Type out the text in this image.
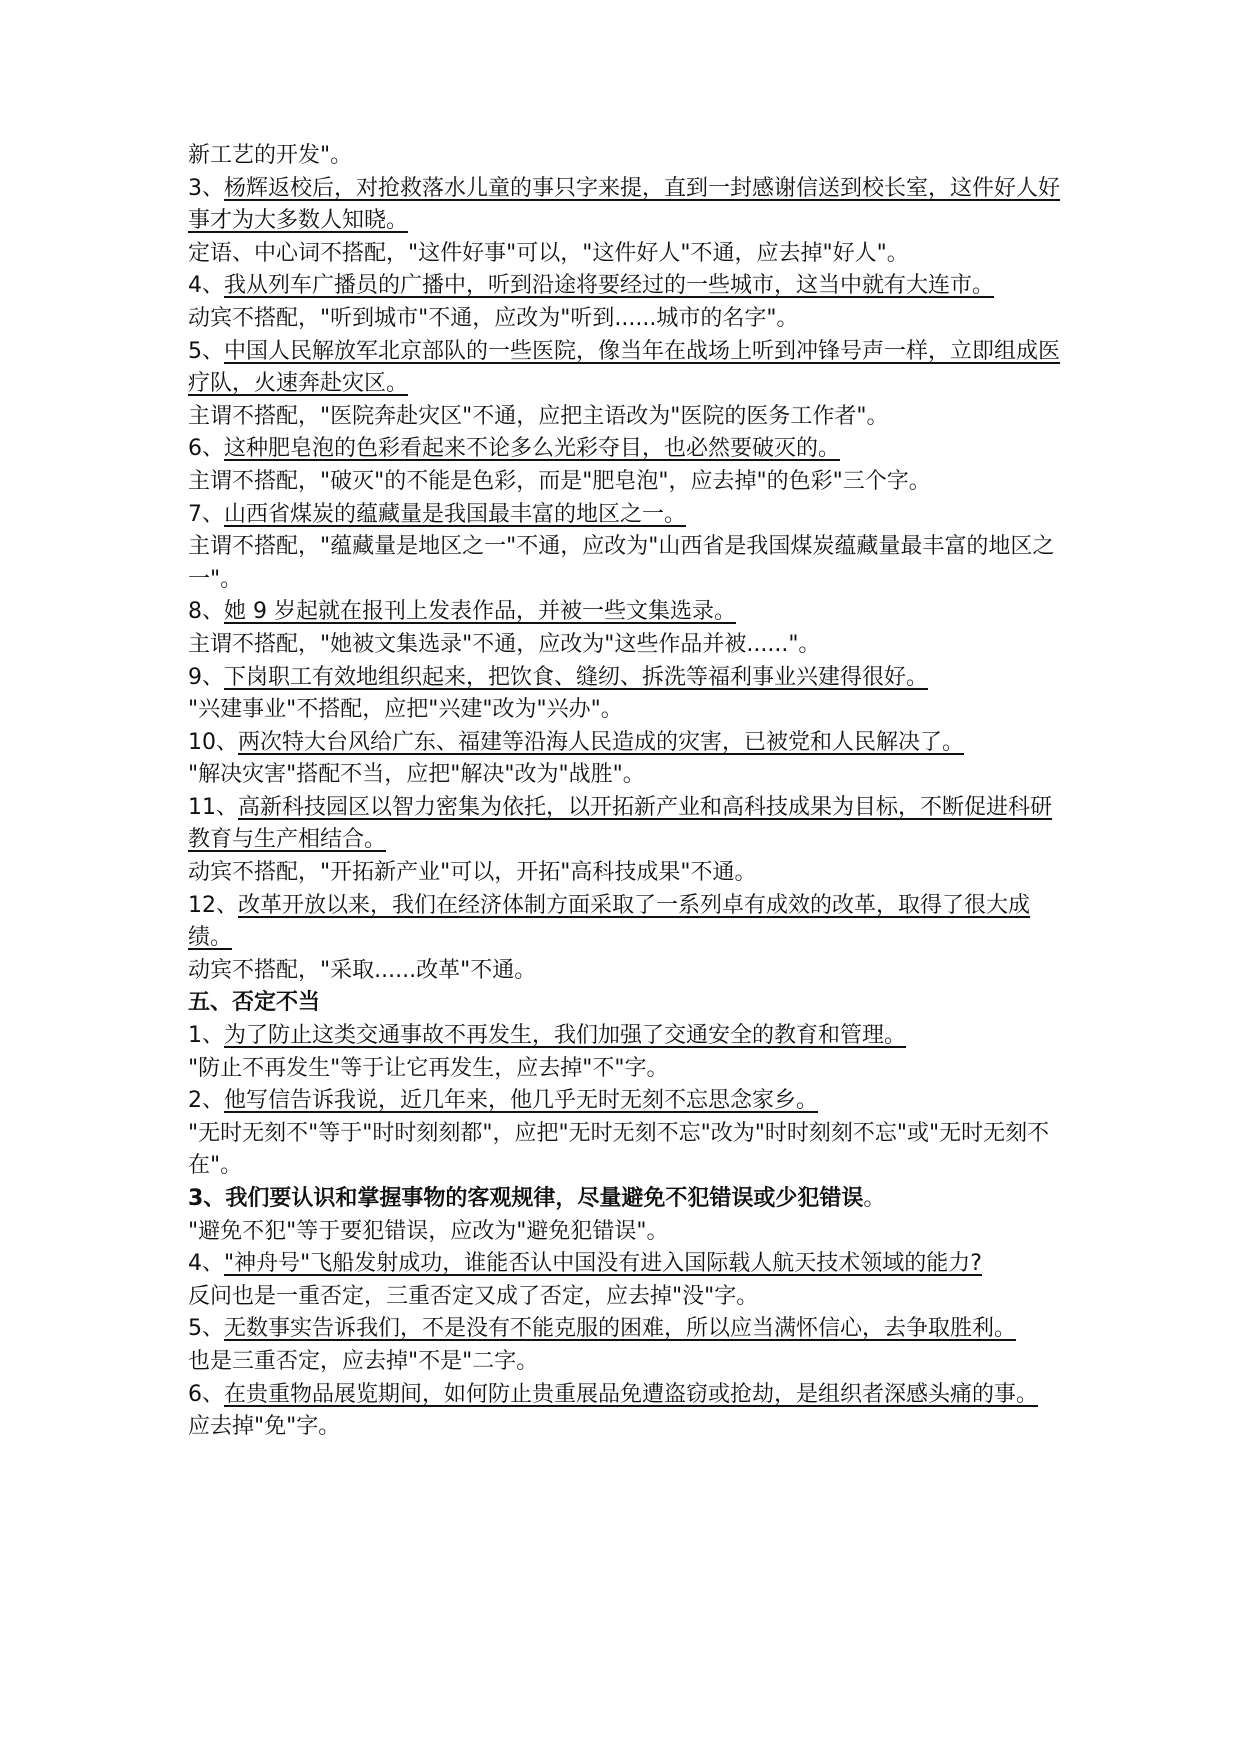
新工艺的开发"。

3、杨辉返校后，对抢救落水儿童的事只字来提，直到一封感谢信送到校长室，这件好人好事才为大多数人知晓。

定语、中心词不搭配，"这件好事"可以，"这件好人"不通，应去掉"好人"。

4、我从列车广播员的广播中，听到沿途将要经过的一些城市，这当中就有大连市。

动宾不搭配，"听到城市"不通，应改为"听到......城市的名字"。

5、中国人民解放军北京部队的一些医院，像当年在战场上听到冲锋号声一样，立即组成医疗队，火速奔赴灾区。

主谓不搭配，"医院奔赴灾区"不通，应把主语改为"医院的医务工作者"。

6、这种肥皂泡的色彩看起来不论多么光彩夺目，也必然要破灭的。

主谓不搭配，"破灭"的不能是色彩，而是"肥皂泡"，应去掉"的色彩"三个字。

7、山西省煤炭的蕴藏量是我国最丰富的地区之一。

主谓不搭配，"蕴藏量是地区之一"不通，应改为"山西省是我国煤炭蕴藏量最丰富的地区之一"。

8、她 9 岁起就在报刊上发表作品，并被一些文集选录。

主谓不搭配，"她被文集选录"不通，应改为"这些作品并被......"。

9、下岗职工有效地组织起来，把饮食、缝纫、拆洗等福利事业兴建得很好。

"兴建事业"不搭配，应把"兴建"改为"兴办"。

10、两次特大台风给广东、福建等沿海人民造成的灾害，已被党和人民解决了。

"解决灾害"搭配不当，应把"解决"改为"战胜"。

11、高新科技园区以智力密集为依托，以开拓新产业和高科技成果为目标，不断促进科研教育与生产相结合。

动宾不搭配，"开拓新产业"可以，开拓"高科技成果"不通。

12、改革开放以来，我们在经济体制方面采取了一系列卓有成效的改革，取得了很大成绩。

动宾不搭配，"采取......改革"不通。

五、否定不当

1、为了防止这类交通事故不再发生，我们加强了交通安全的教育和管理。

"防止不再发生"等于让它再发生，应去掉"不"字。

2、他写信告诉我说，近几年来，他几乎无时无刻不忘思念家乡。

"无时无刻不"等于"时时刻刻都"，应把"无时无刻不忘"改为"时时刻刻不忘"或"无时无刻不在"。

3、我们要认识和掌握事物的客观规律，尽量避免不犯错误或少犯错误。

"避免不犯"等于要犯错误，应改为"避免犯错误"。

4、"神舟号"飞船发射成功，谁能否认中国没有进入国际载人航天技术领域的能力?

反问也是一重否定，三重否定又成了否定，应去掉"没"字。

5、无数事实告诉我们，不是没有不能克服的困难，所以应当满怀信心，去争取胜利。

也是三重否定，应去掉"不是"二字。

6、在贵重物品展览期间，如何防止贵重展品免遭盗窃或抢劫，是组织者深感头痛的事。

应去掉"免"字。
